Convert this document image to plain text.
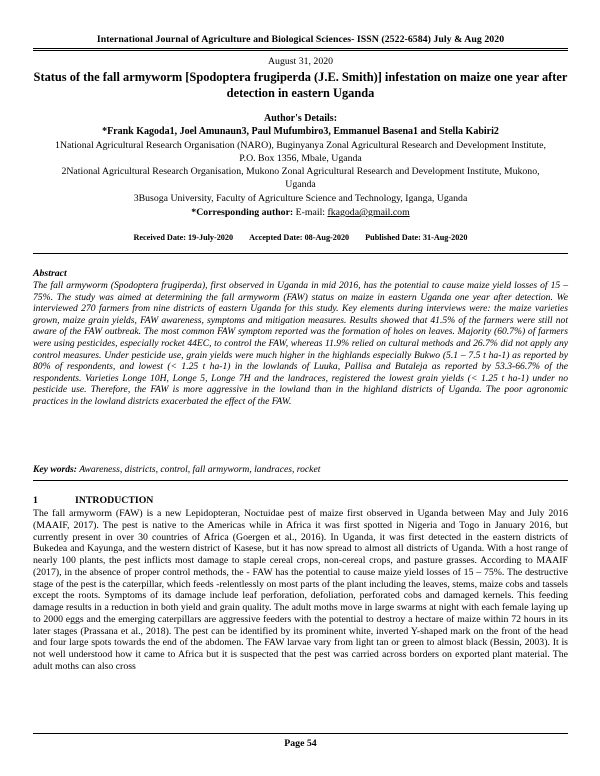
International Journal of Agriculture and Biological Sciences- ISSN (2522-6584) July & Aug 2020
August 31, 2020
Status of the fall armyworm [Spodoptera frugiperda (J.E. Smith)] infestation on maize one year after detection in eastern Uganda
Author's Details:
*Frank Kagoda1, Joel Amunaun3, Paul Mufumbiro3, Emmanuel Basena1 and Stella Kabiri2
1National Agricultural Research Organisation (NARO), Buginyanya Zonal Agricultural Research and Development Institute, P.O. Box 1356, Mbale, Uganda
2National Agricultural Research Organisation, Mukono Zonal Agricultural Research and Development Institute, Mukono, Uganda
3Busoga University, Faculty of Agriculture Science and Technology, Iganga, Uganda
*Corresponding author: E-mail: fkagoda@gmail.com
Received Date: 19-July-2020 Accepted Date: 08-Aug-2020 Published Date: 31-Aug-2020
Abstract
The fall armyworm (Spodoptera frugiperda), first observed in Uganda in mid 2016, has the potential to cause maize yield losses of 15 – 75%. The study was aimed at determining the fall armyworm (FAW) status on maize in eastern Uganda one year after detection. We interviewed 270 farmers from nine districts of eastern Uganda for this study. Key elements during interviews were: the maize varieties grown, maize grain yields, FAW awareness, symptoms and mitigation measures. Results showed that 41.5% of the farmers were still not aware of the FAW outbreak. The most common FAW symptom reported was the formation of holes on leaves. Majority (60.7%) of farmers were using pesticides, especially rocket 44EC, to control the FAW, whereas 11.9% relied on cultural methods and 26.7% did not apply any control measures. Under pesticide use, grain yields were much higher in the highlands especially Bukwo (5.1 – 7.5 t ha-1) as reported by 80% of respondents, and lowest (< 1.25 t ha-1) in the lowlands of Luuka, Pallisa and Butaleja as reported by 53.3-66.7% of the respondents. Varieties Longe 10H, Longe 5, Longe 7H and the landraces, registered the lowest grain yields (< 1.25 t ha-1) under no pesticide use. Therefore, the FAW is more aggressive in the lowland than in the highland districts of Uganda. The poor agronomic practices in the lowland districts exacerbated the effect of the FAW.
Key words: Awareness, districts, control, fall armyworm, landraces, rocket
1	INTRODUCTION
The fall armyworm (FAW) is a new Lepidopteran, Noctuidae pest of maize first observed in Uganda between May and July 2016 (MAAIF, 2017). The pest is native to the Americas while in Africa it was first spotted in Nigeria and Togo in January 2016, but currently present in over 30 countries of Africa (Goergen et al., 2016). In Uganda, it was first detected in the eastern districts of Bukedea and Kayunga, and the western district of Kasese, but it has now spread to almost all districts of Uganda. With a host range of nearly 100 plants, the pest inflicts most damage to staple cereal crops, non-cereal crops, and pasture grasses. According to MAAIF (2017), in the absence of proper control methods, the - FAW has the potential to cause maize yield losses of 15 – 75%. The destructive stage of the pest is the caterpillar, which feeds -relentlessly on most parts of the plant including the leaves, stems, maize cobs and tassels except the roots. Symptoms of its damage include leaf perforation, defoliation, perforated cobs and damaged kernels. This feeding damage results in a reduction in both yield and grain quality. The adult moths move in large swarms at night with each female laying up to 2000 eggs and the emerging caterpillars are aggressive feeders with the potential to destroy a hectare of maize within 72 hours in its later stages (Prassana et al., 2018). The pest can be identified by its prominent white, inverted Y-shaped mark on the front of the head and four large spots towards the end of the abdomen. The FAW larvae vary from light tan or green to almost black (Bessin, 2003). It is not well understood how it came to Africa but it is suspected that the pest was carried across borders on exported plant material. The adult moths can also cross
Page 54
